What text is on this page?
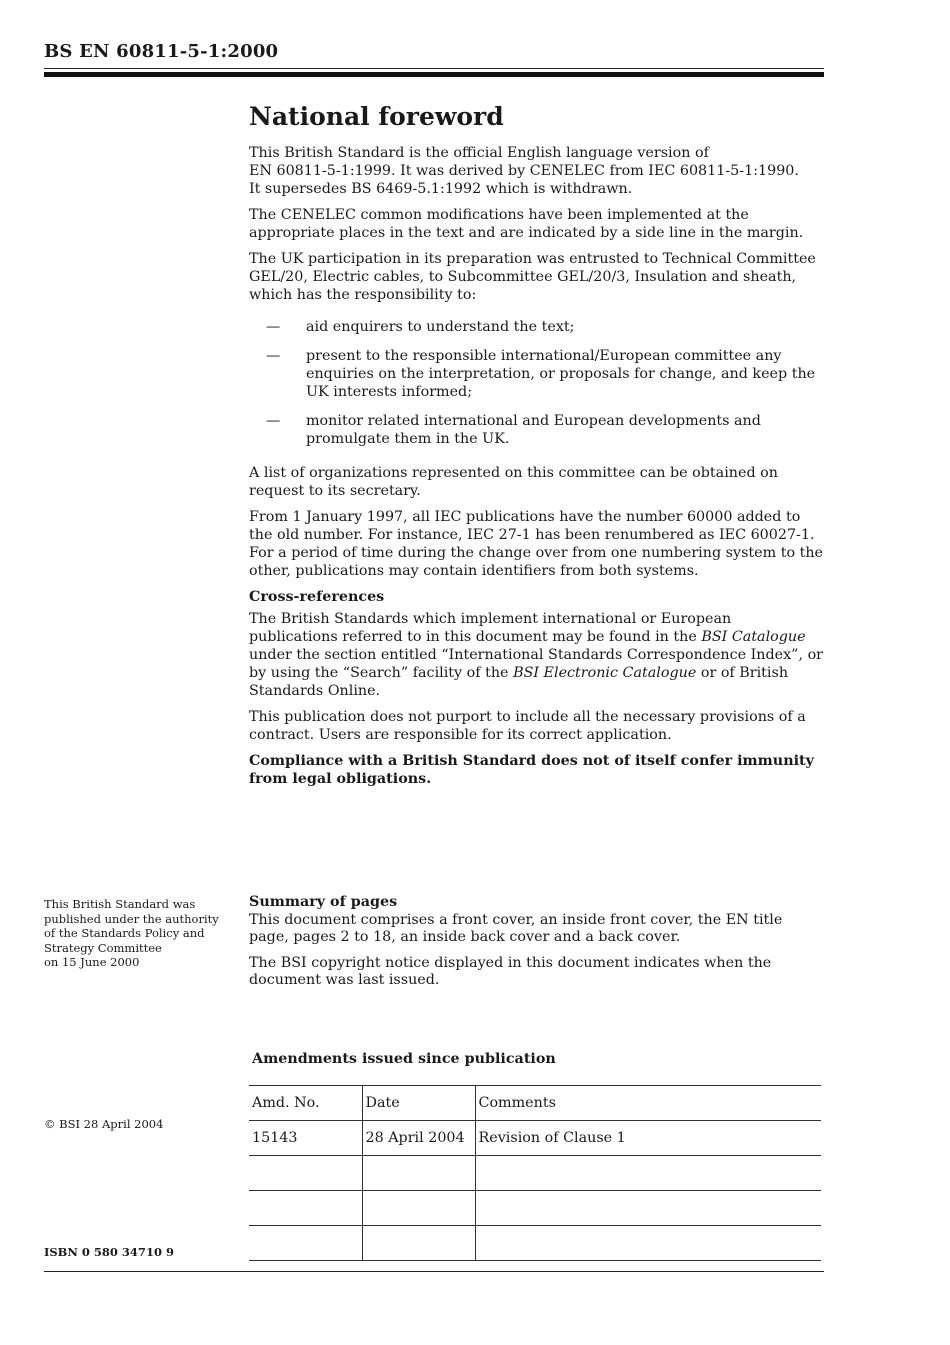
BS EN 60811-5-1:2000
National foreword

This British Standard is the official English language version of
EN 60811-5-1:1999. It was derived by CENELEC from IEC 60811-5-1:1990.
It supersedes BS 6469-5.1:1992 which is withdrawn.

The CENELEC common modifications have been implemented at the appropriate places in the text and are indicated by a side line in the margin.

The UK participation in its preparation was entrusted to Technical Committee GEL/20, Electric cables, to Subcommittee GEL/20/3, Insulation and sheath, which has the responsibility to:

— aid enquirers to understand the text;
— present to the responsible international/European committee any enquiries on the interpretation, or proposals for change, and keep the UK interests informed;
— monitor related international and European developments and promulgate them in the UK.

A list of organizations represented on this committee can be obtained on request to its secretary.

From 1 January 1997, all IEC publications have the number 60000 added to the old number. For instance, IEC 27-1 has been renumbered as IEC 60027-1. For a period of time during the change over from one numbering system to the other, publications may contain identifiers from both systems.

Cross-references

The British Standards which implement international or European publications referred to in this document may be found in the BSI Catalogue under the section entitled “International Standards Correspondence Index”, or by using the “Search” facility of the BSI Electronic Catalogue or of British Standards Online.

This publication does not purport to include all the necessary provisions of a contract. Users are responsible for its correct application.

Compliance with a British Standard does not of itself confer immunity from legal obligations.

This British Standard was
published under the authority
of the Standards Policy and
Strategy Committee
on 15 June 2000
Summary of pages

This document comprises a front cover, an inside front cover, the EN title page, pages 2 to 18, an inside back cover and a back cover.

The BSI copyright notice displayed in this document indicates when the document was last issued.

Amendments issued since publication
Amd. No.	Date	Comments
15143	28 April 2004	Revision of Clause 1

© BSI 28 April 2004
ISBN 0 580 34710 9
